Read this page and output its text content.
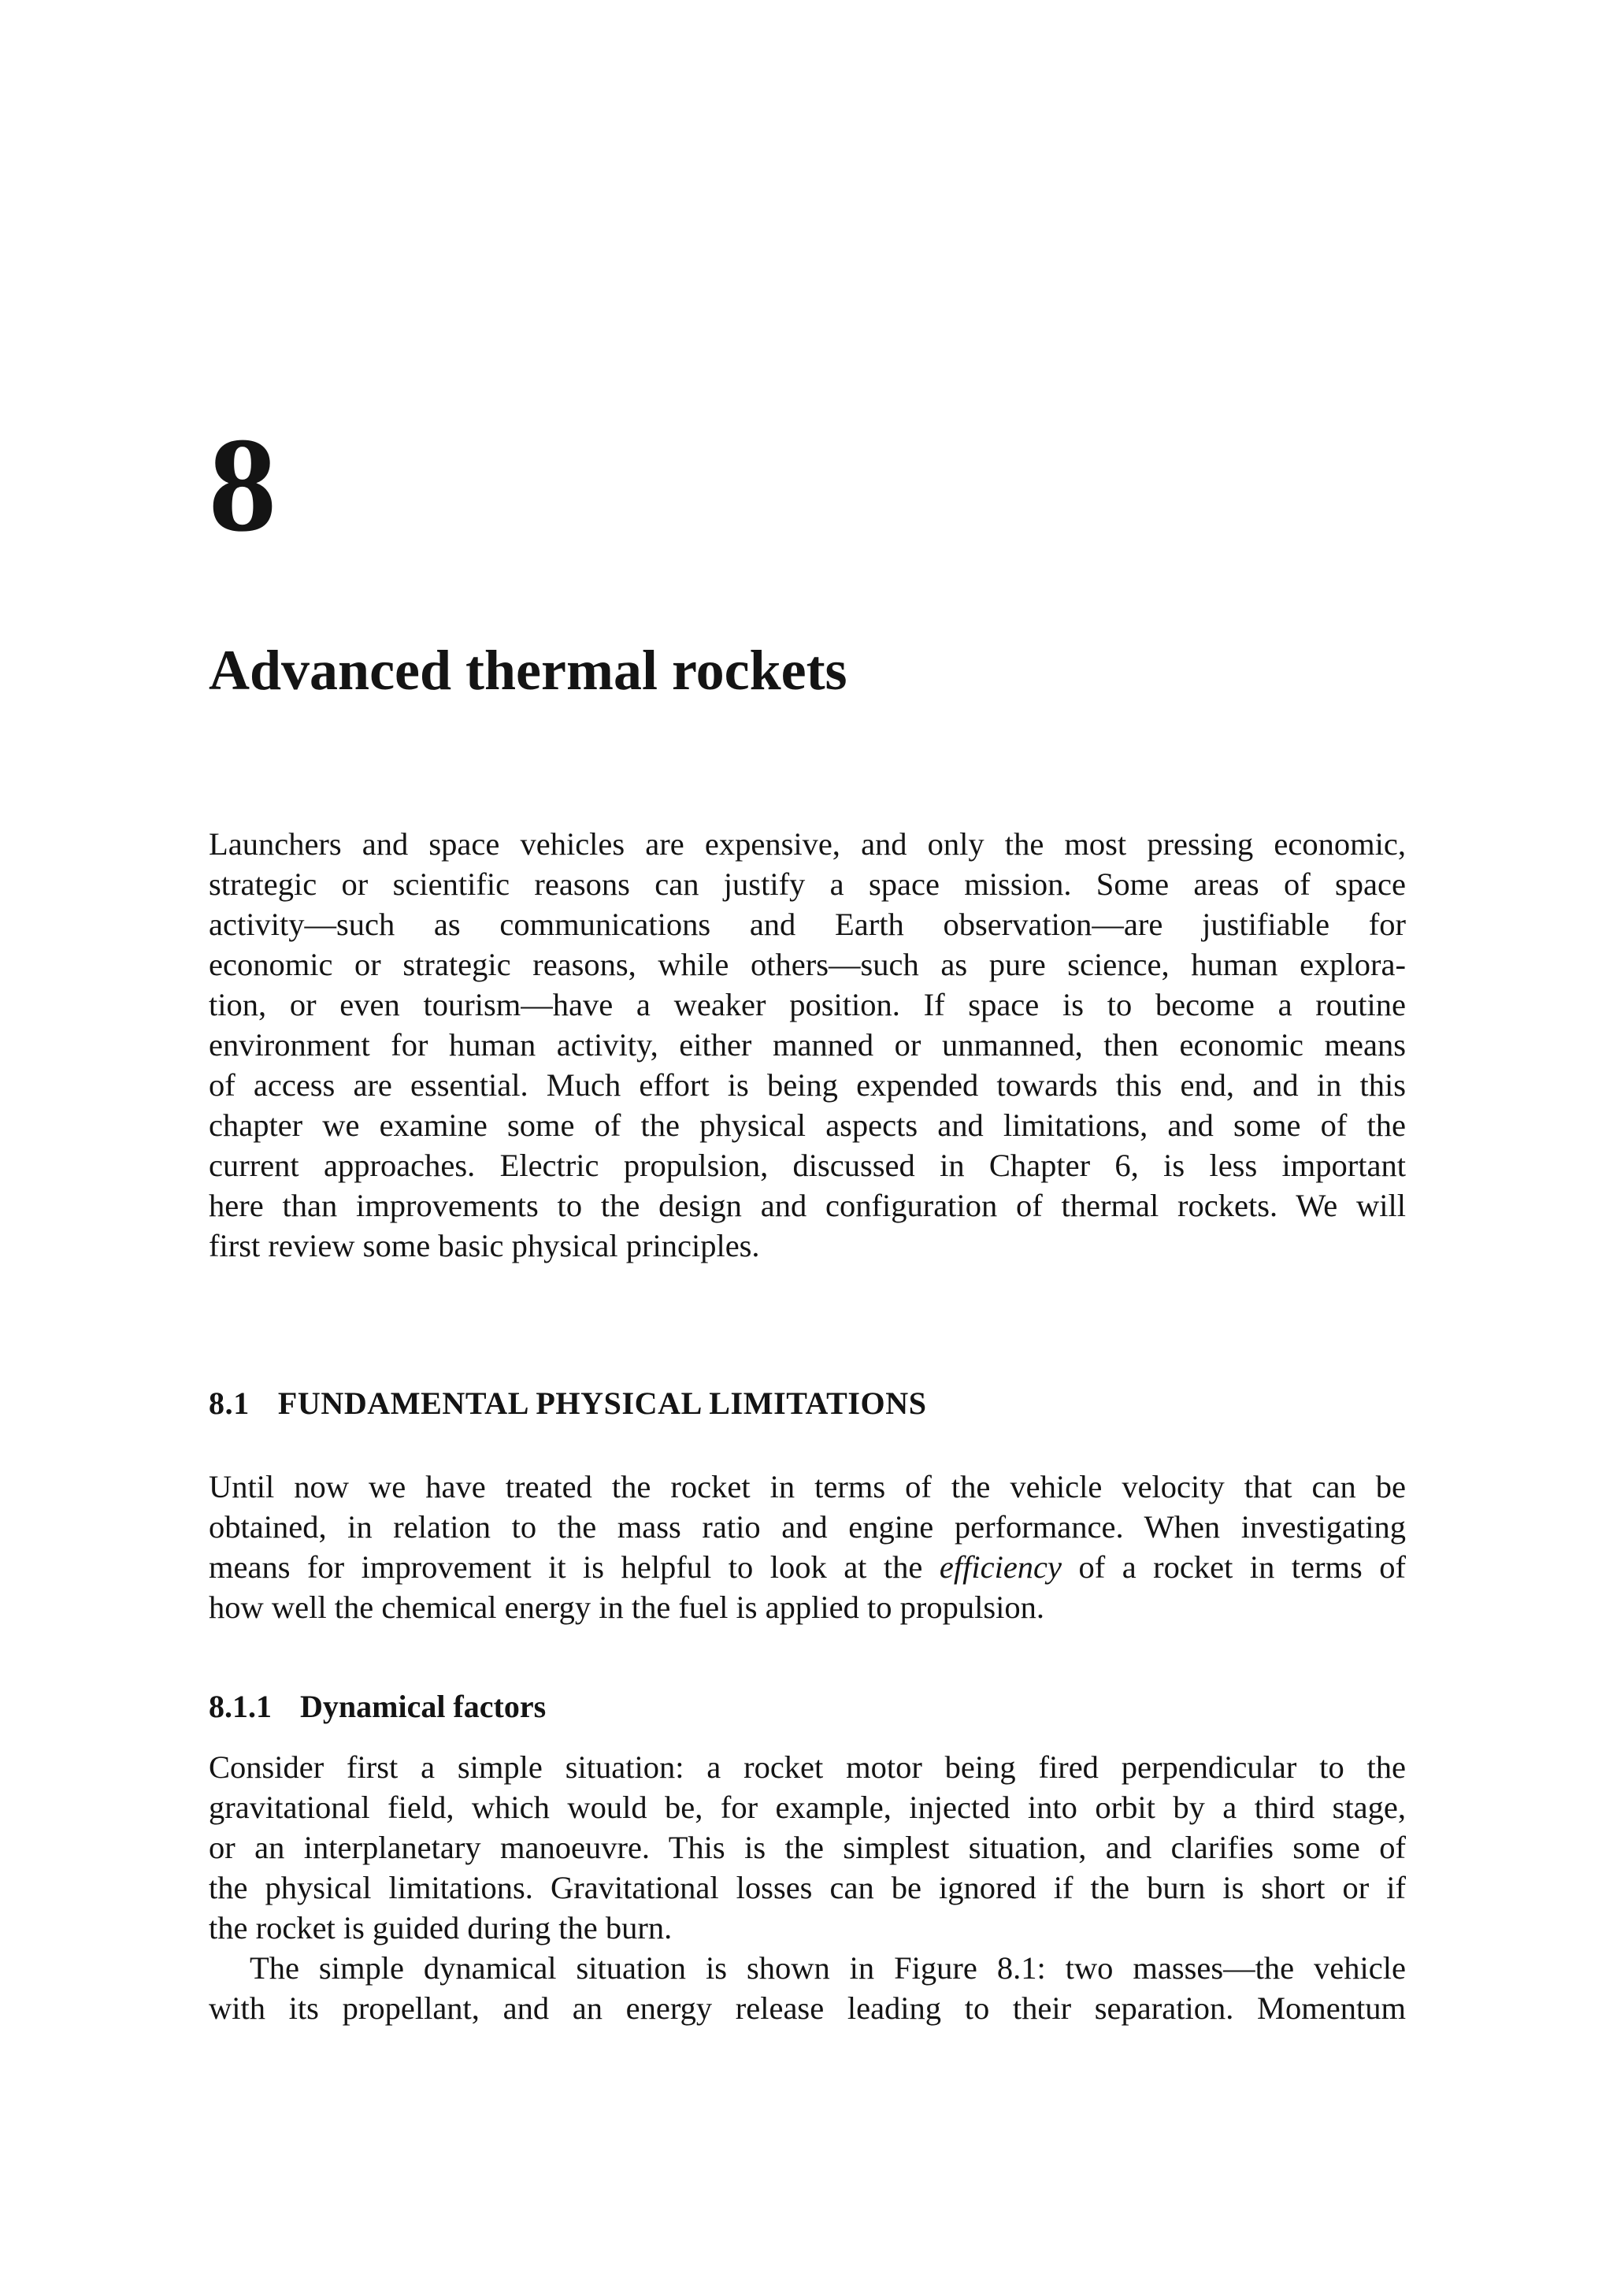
8
Advanced thermal rockets
Launchers and space vehicles are expensive, and only the most pressing economic,
strategic or scientific reasons can justify a space mission. Some areas of space
activity—such as communications and Earth observation—are justifiable for
economic or strategic reasons, while others—such as pure science, human explora-
tion, or even tourism—have a weaker position. If space is to become a routine
environment for human activity, either manned or unmanned, then economic means
of access are essential. Much effort is being expended towards this end, and in this
chapter we examine some of the physical aspects and limitations, and some of the
current approaches. Electric propulsion, discussed in Chapter 6, is less important
here than improvements to the design and configuration of thermal rockets. We will
first review some basic physical principles.
8.1 FUNDAMENTAL PHYSICAL LIMITATIONS
Until now we have treated the rocket in terms of the vehicle velocity that can be
obtained, in relation to the mass ratio and engine performance. When investigating
means for improvement it is helpful to look at the efficiency of a rocket in terms of
how well the chemical energy in the fuel is applied to propulsion.
8.1.1 Dynamical factors
Consider first a simple situation: a rocket motor being fired perpendicular to the
gravitational field, which would be, for example, injected into orbit by a third stage,
or an interplanetary manoeuvre. This is the simplest situation, and clarifies some of
the physical limitations. Gravitational losses can be ignored if the burn is short or if
the rocket is guided during the burn.
The simple dynamical situation is shown in Figure 8.1: two masses—the vehicle
with its propellant, and an energy release leading to their separation. Momentum
